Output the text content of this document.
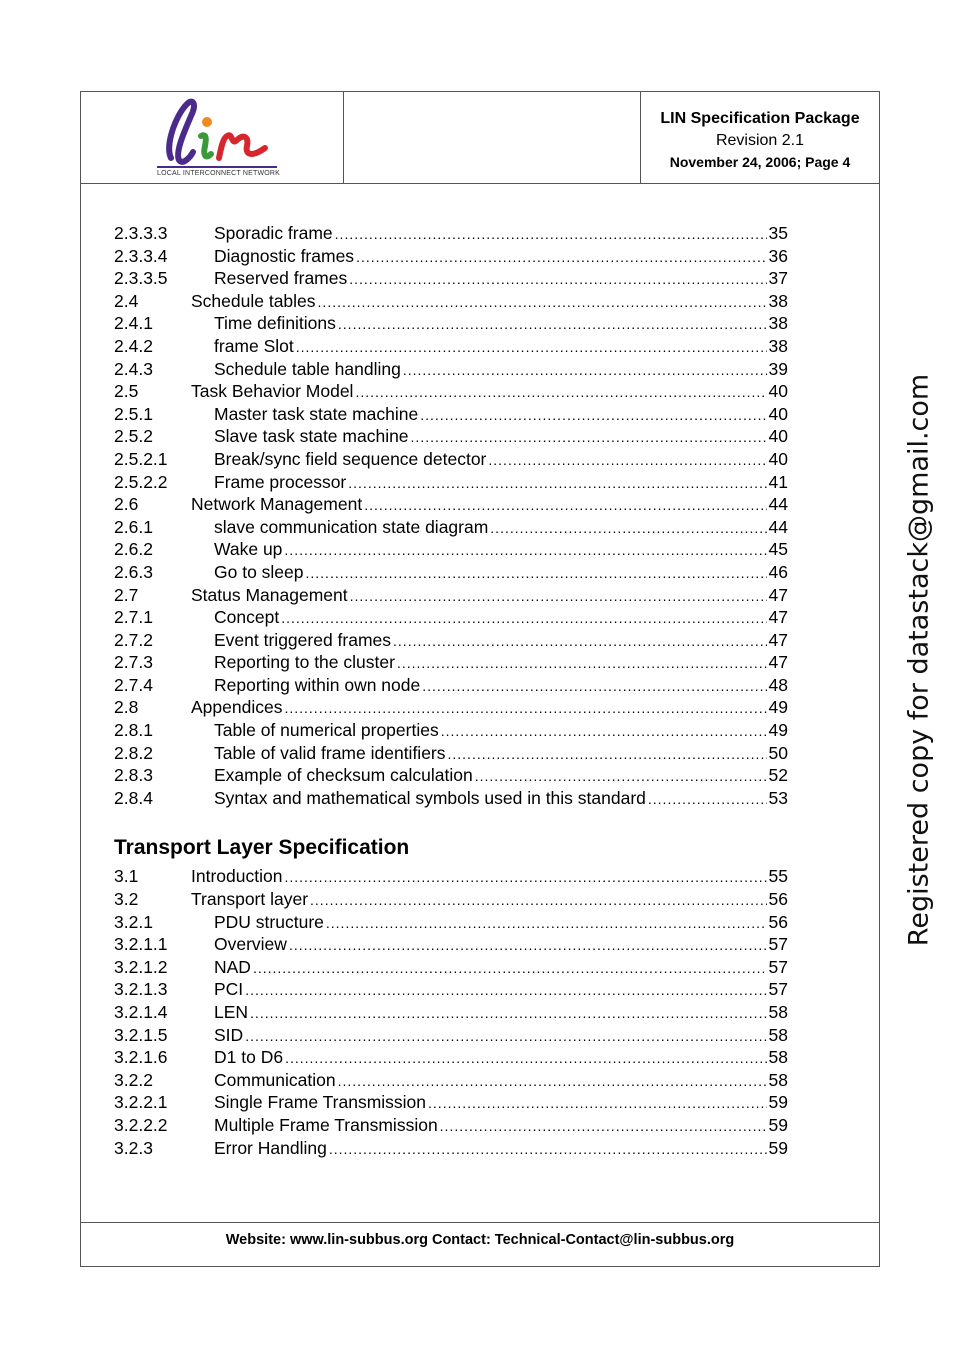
LOCAL INTERCONNECT NETWORK
LIN Specification Package
Revision 2.1
November 24, 2006; Page 4
2.3.3.3	Sporadic frame .....	35
2.3.3.4	Diagnostic frames .....	36
2.3.3.5	Reserved frames .....	37
2.4	Schedule tables .....	38
2.4.1	Time definitions .....	38
2.4.2	frame Slot .....	38
2.4.3	Schedule table handling .....	39
2.5	Task Behavior Model .....	40
2.5.1	Master task state machine .....	40
2.5.2	Slave task state machine .....	40
2.5.2.1	Break/sync field sequence detector .....	40
2.5.2.2	Frame processor .....	41
2.6	Network Management .....	44
2.6.1	slave communication state diagram .....	44
2.6.2	Wake up .....	45
2.6.3	Go to sleep .....	46
2.7	Status Management .....	47
2.7.1	Concept .....	47
2.7.2	Event triggered frames .....	47
2.7.3	Reporting to the cluster .....	47
2.7.4	Reporting within own node .....	48
2.8	Appendices .....	49
2.8.1	Table of numerical properties .....	49
2.8.2	Table of valid frame identifiers .....	50
2.8.3	Example of checksum calculation .....	52
2.8.4	Syntax and mathematical symbols used in this standard .....	53
Transport Layer Specification
3.1	Introduction .....	55
3.2	Transport layer .....	56
3.2.1	PDU structure .....	56
3.2.1.1	Overview .....	57
3.2.1.2	NAD .....	57
3.2.1.3	PCI .....	57
3.2.1.4	LEN .....	58
3.2.1.5	SID .....	58
3.2.1.6	D1 to D6 .....	58
3.2.2	Communication .....	58
3.2.2.1	Single Frame Transmission .....	59
3.2.2.2	Multiple Frame Transmission .....	59
3.2.3	Error Handling .....	59
Website: www.lin-subbus.org Contact: Technical-Contact@lin-subbus.org
Registered copy for datastack@gmail.com
